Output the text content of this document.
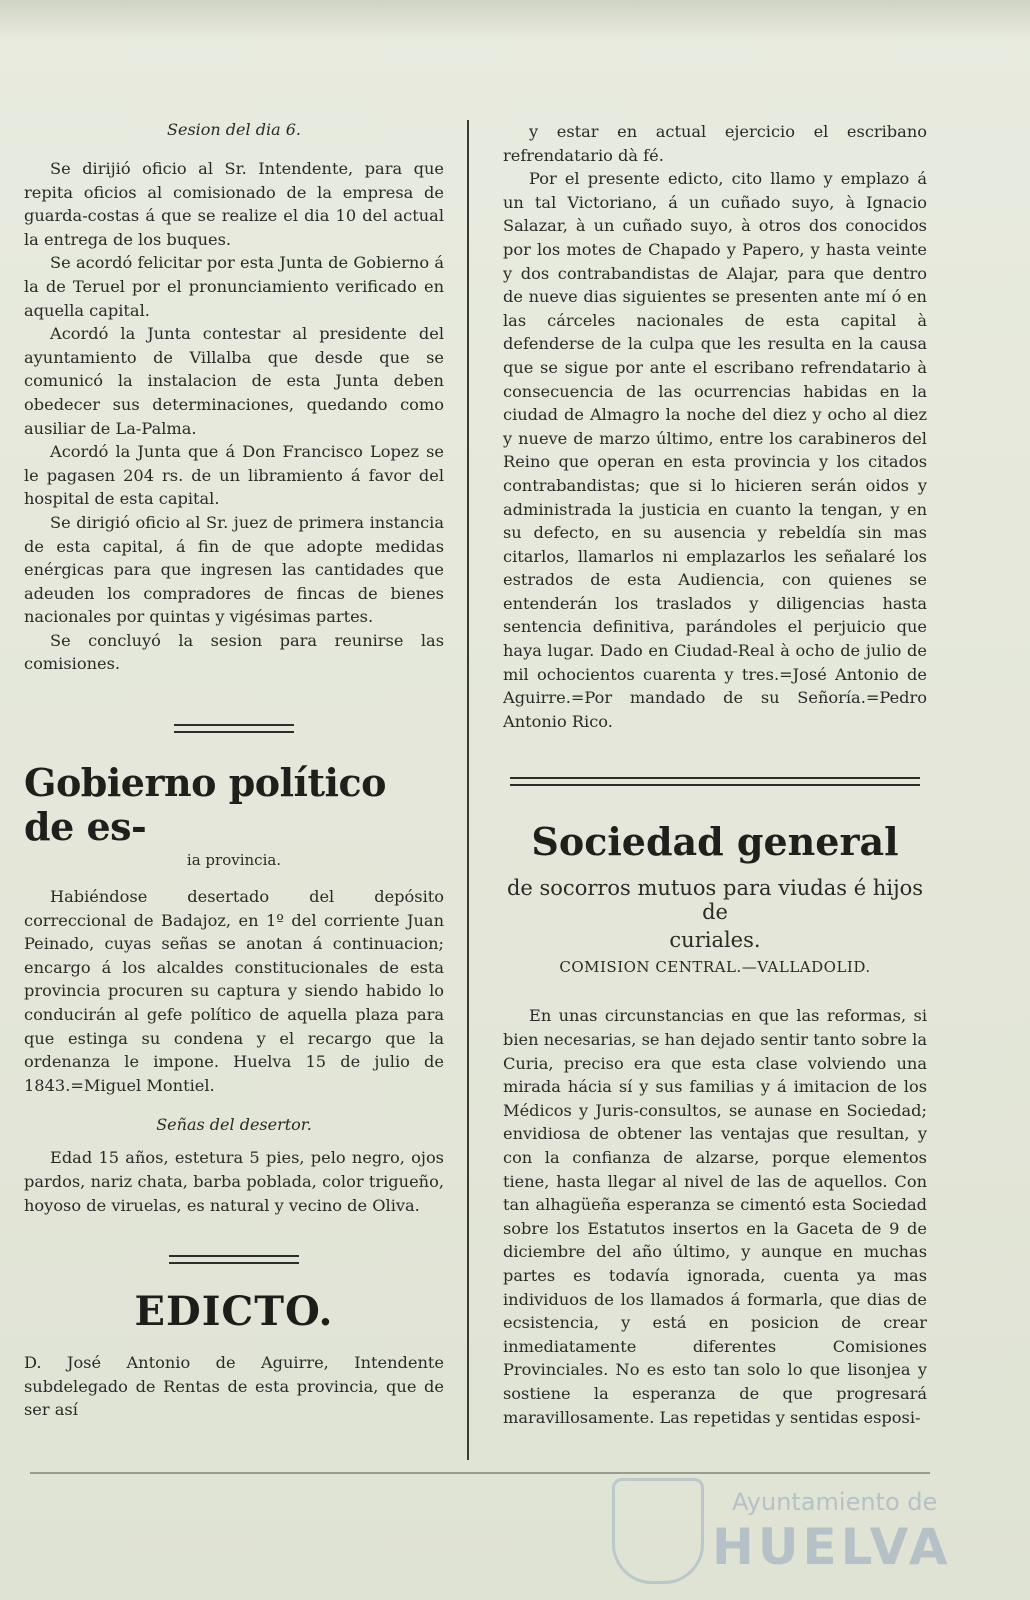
Sesion del dia 6.

Se dirijió oficio al Sr. Intendente, para que repita oficios al comisionado de la empresa de guarda-costas á que se realize el dia 10 del actual la entrega de los buques.

Se acordó felicitar por esta Junta de Gobierno á la de Teruel por el pronunciamiento verificado en aquella capital.

Acordó la Junta contestar al presidente del ayuntamiento de Villalba que desde que se comunicó la instalacion de esta Junta deben obedecer sus determinaciones, quedando como ausiliar de La-Palma.

Acordó la Junta que á Don Francisco Lopez se le pagasen 204 rs. de un libramiento á favor del hospital de esta capital.

Se dirigió oficio al Sr. juez de primera instancia de esta capital, á fin de que adopte medidas enérgicas para que ingresen las cantidades que adeuden los compradores de fincas de bienes nacionales por quintas y vigésimas partes.

Se concluyó la sesion para reunirse las comisiones.

Gobierno político de es-
ia provincia.

Habiéndose desertado del depósito correccional de Badajoz, en 1º del corriente Juan Peinado, cuyas señas se anotan á continuacion; encargo á los alcaldes constitucionales de esta provincia procuren su captura y siendo habido lo conducirán al gefe político de aquella plaza para que estinga su condena y el recargo que la ordenanza le impone. Huelva 15 de julio de 1843.=Miguel Montiel.

Señas del desertor.

Edad 15 años, estetura 5 pies, pelo negro, ojos pardos, nariz chata, barba poblada, color trigueño, hoyoso de viruelas, es natural y vecino de Oliva.

EDICTO.

D. José Antonio de Aguirre, Intendente subdelegado de Rentas de esta provincia, que de ser así

y estar en actual ejercicio el escribano refrendatario dà fé.

Por el presente edicto, cito llamo y emplazo á un tal Victoriano, á un cuñado suyo, à Ignacio Salazar, à un cuñado suyo, à otros dos conocidos por los motes de Chapado y Papero, y hasta veinte y dos contrabandistas de Alajar, para que dentro de nueve dias siguientes se presenten ante mí ó en las cárceles nacionales de esta capital à defenderse de la culpa que les resulta en la causa que se sigue por ante el escribano refrendatario à consecuencia de las ocurrencias habidas en la ciudad de Almagro la noche del diez y ocho al diez y nueve de marzo último, entre los carabineros del Reino que operan en esta provincia y los citados contrabandistas; que si lo hicieren serán oidos y administrada la justicia en cuanto la tengan, y en su defecto, en su ausencia y rebeldía sin mas citarlos, llamarlos ni emplazarlos les señalaré los estrados de esta Audiencia, con quienes se entenderán los traslados y diligencias hasta sentencia definitiva, parándoles el perjuicio que haya lugar. Dado en Ciudad-Real à ocho de julio de mil ochocientos cuarenta y tres.=José Antonio de Aguirre.=Por mandado de su Señoría.=Pedro Antonio Rico.

Sociedad general
de socorros mutuos para viudas é hijos de
curiales.
COMISION CENTRAL.—VALLADOLID.

En unas circunstancias en que las reformas, si bien necesarias, se han dejado sentir tanto sobre la Curia, preciso era que esta clase volviendo una mirada hácia sí y sus familias y á imitacion de los Médicos y Juris-consultos, se aunase en Sociedad; envidiosa de obtener las ventajas que resultan, y con la confianza de alzarse, porque elementos tiene, hasta llegar al nivel de las de aquellos. Con tan alhagüeña esperanza se cimentó esta Sociedad sobre los Estatutos insertos en la Gaceta de 9 de diciembre del año último, y aunque en muchas partes es todavía ignorada, cuenta ya mas individuos de los llamados á formarla, que dias de ecsistencia, y está en posicion de crear inmediatamente diferentes Comisiones Provinciales. No es esto tan solo lo que lisonjea y sostiene la esperanza de que progresará maravillosamente. Las repetidas y sentidas esposi-

Ayuntamiento de
HUELVA
